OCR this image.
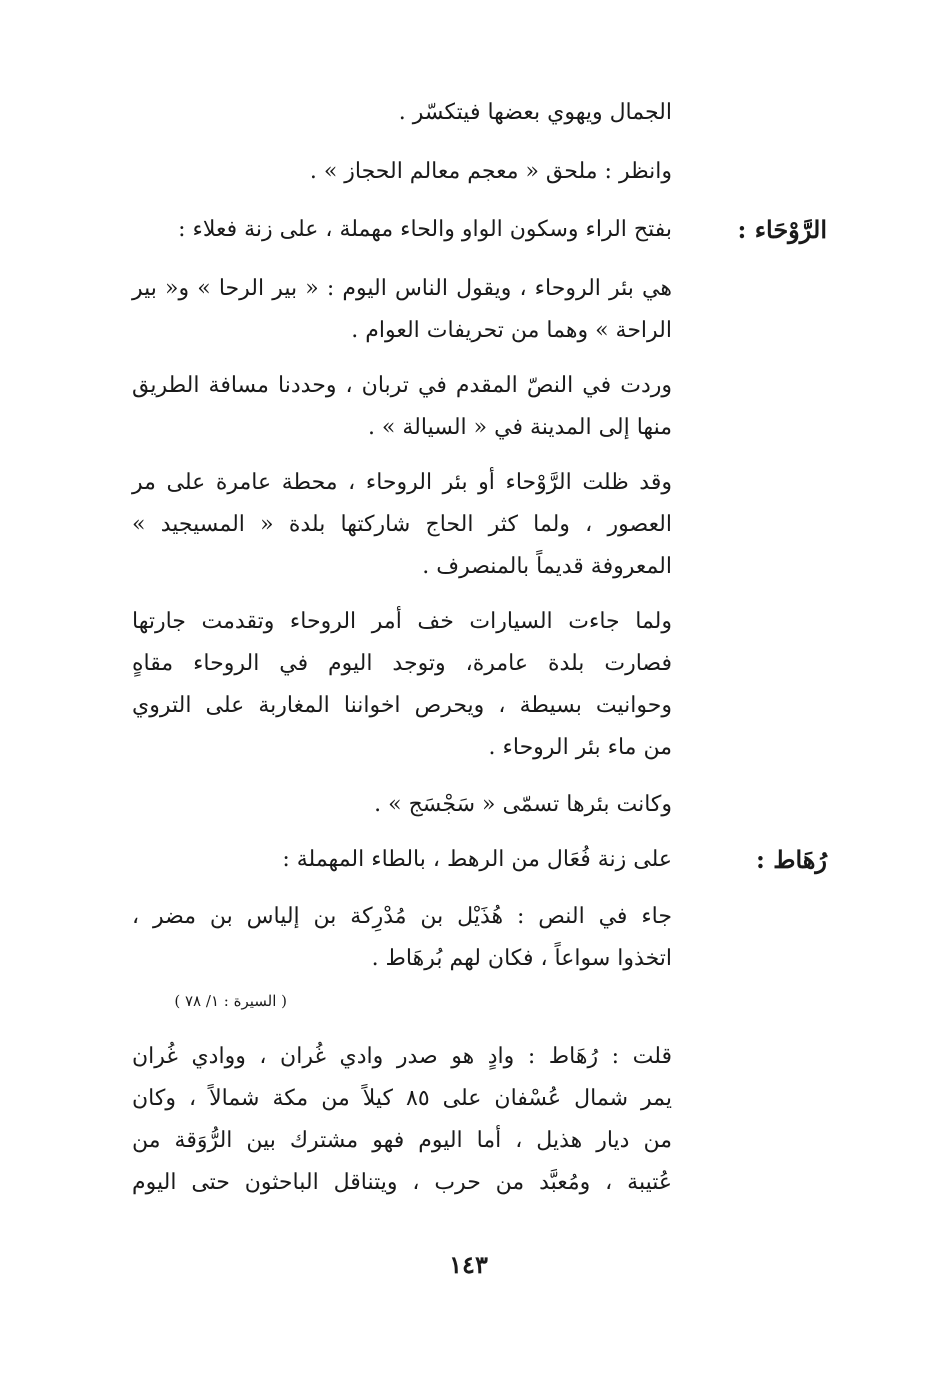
الجمال ويهوي بعضها فيتكسّر .
وانظر : ملحق « معجم معالم الحجاز » .
الرَّوْحَاء :
بفتح الراء وسكون الواو والحاء مهملة ، على زنة فعلاء :
هي بئر الروحاء ، ويقول الناس اليوم : « بير الرحا » و« بير
الراحة » وهما من تحريفات العوام .
وردت في النصّ المقدم في تربان ، وحددنا مسافة الطريق
منها إلى المدينة في « السيالة » .
وقد ظلت الرَّوْحاء أو بئر الروحاء ، محطة عامرة على مر
العصور ، ولما كثر الحاج شاركتها بلدة « المسيجيد »
المعروفة قديماً بالمنصرف .
ولما جاءت السيارات خف أمر الروحاء وتقدمت جارتها
فصارت بلدة عامرة، وتوجد اليوم في الروحاء مقاهٍ
وحوانيت بسيطة ، ويحرص اخواننا المغاربة على التروي
من ماء بئر الروحاء .
وكانت بئرها تسمّى « سَجْسَج » .
رُهَاط :
على زنة فُعَال من الرهط ، بالطاء المهملة :
جاء في النص : هُذَيْل بن مُدْرِكة بن إلياس بن مضر ،
اتخذوا سواعاً ، فكان لهم بُرهَاط .
( السيرة : ١/ ٧٨ )
قلت : رُهَاط : وادٍ هو صدر وادي غُران ، ووادي غُران
يمر شمال عُسْفان على ٨٥ كيلاً من مكة شمالاً ، وكان
من ديار هذيل ، أما اليوم فهو مشترك بين الرُّوَقة من
عُتيبة ، ومُعبَّد من حرب ، ويتناقل الباحثون حتى اليوم
١٤٣
